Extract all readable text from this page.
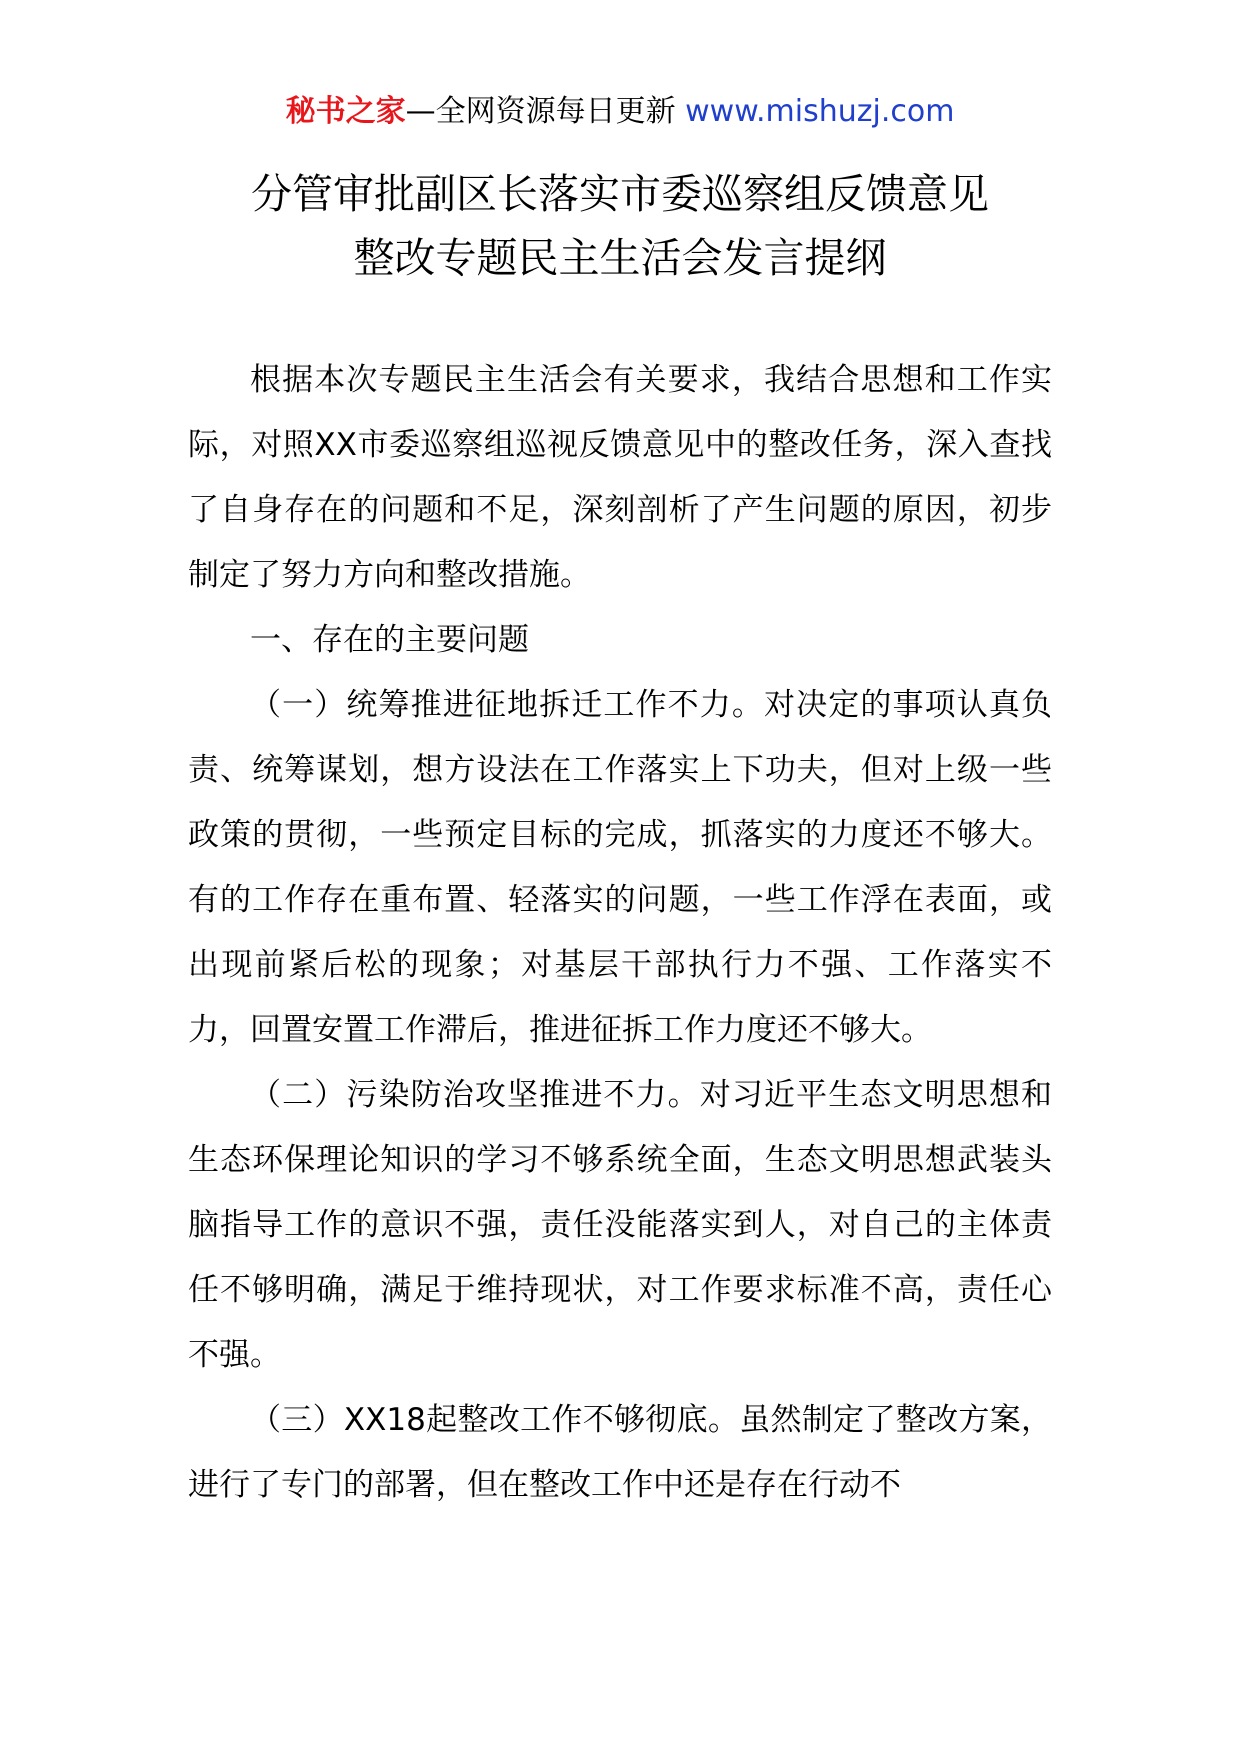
秘书之家—全网资源每日更新 www.mishuzj.com
分管审批副区长落实市委巡察组反馈意见
整改专题民主生活会发言提纲

根据本次专题民主生活会有关要求，我结合思想和工作实际，对照XX市委巡察组巡视反馈意见中的整改任务，深入查找了自身存在的问题和不足，深刻剖析了产生问题的原因，初步制定了努力方向和整改措施。

一、存在的主要问题

（一）统筹推进征地拆迁工作不力。对决定的事项认真负责、统筹谋划，想方设法在工作落实上下功夫，但对上级一些政策的贯彻，一些预定目标的完成，抓落实的力度还不够大。有的工作存在重布置、轻落实的问题，一些工作浮在表面，或出现前紧后松的现象；对基层干部执行力不强、工作落实不力，回置安置工作滞后，推进征拆工作力度还不够大。

（二）污染防治攻坚推进不力。对习近平生态文明思想和生态环保理论知识的学习不够系统全面，生态文明思想武装头脑指导工作的意识不强，责任没能落实到人，对自己的主体责任不够明确，满足于维持现状，对工作要求标准不高，责任心不强。

（三）XX18起整改工作不够彻底。虽然制定了整改方案，进行了专门的部署，但在整改工作中还是存在行动不
